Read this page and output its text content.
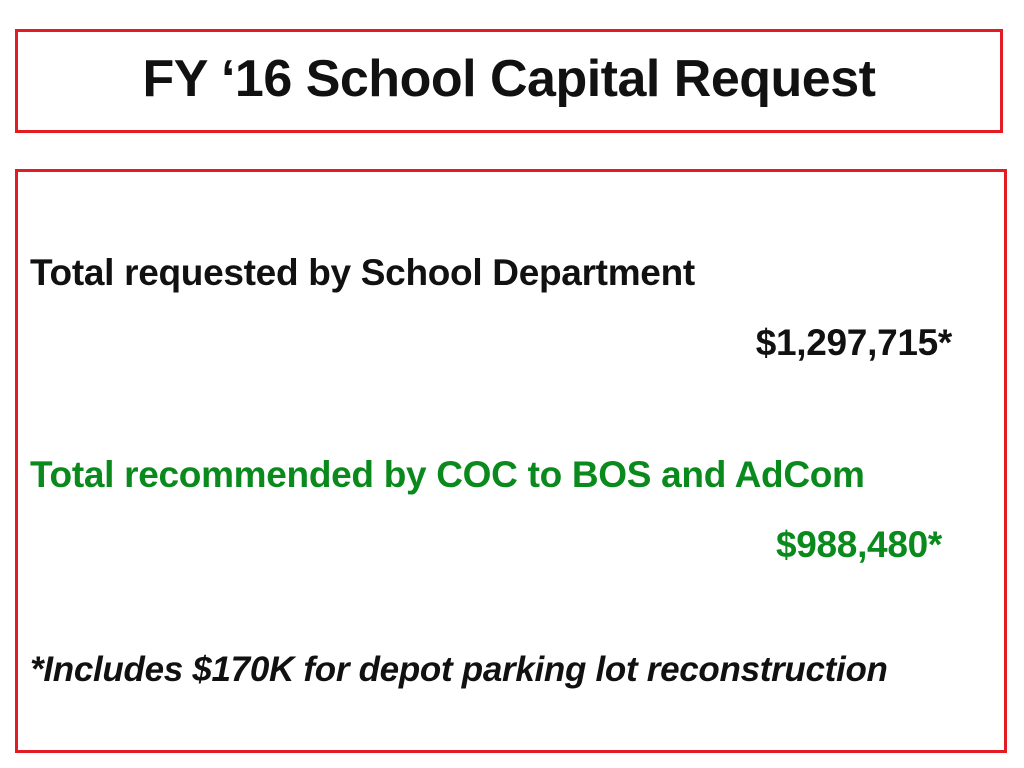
FY ‘16 School Capital Request
Total requested by School Department
$1,297,715*
Total recommended by COC to BOS and AdCom
$988,480*
*Includes $170K for depot parking lot reconstruction
